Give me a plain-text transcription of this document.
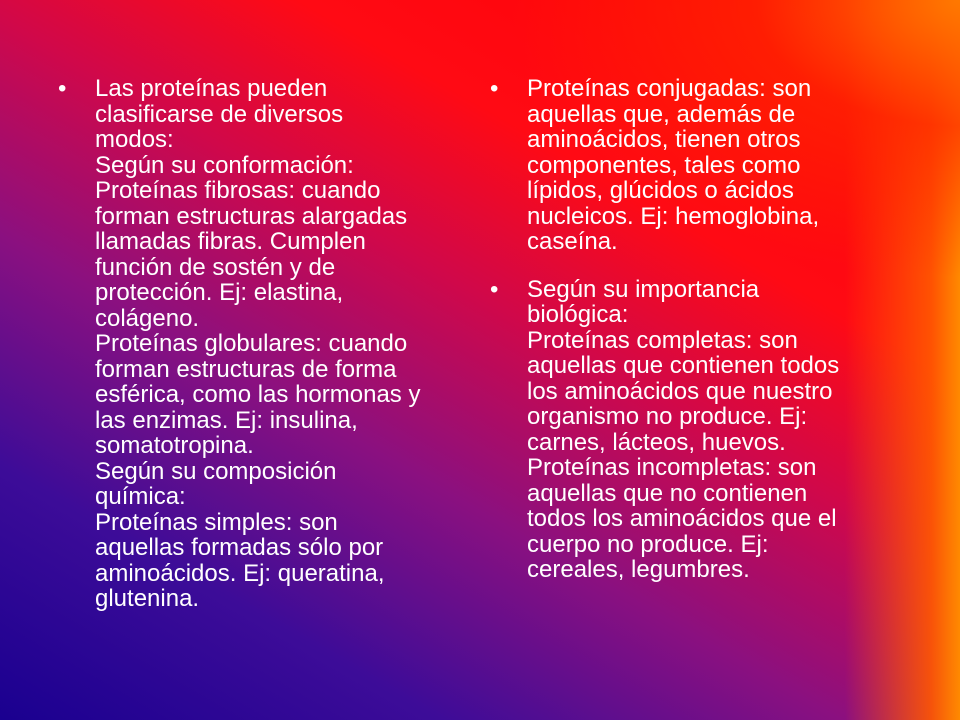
• Las proteínas pueden
clasificarse de diversos
modos:
Según su conformación:
Proteínas fibrosas: cuando
forman estructuras alargadas
llamadas fibras. Cumplen
función de sostén y de
protección. Ej: elastina,
colágeno.
Proteínas globulares: cuando
forman estructuras de forma
esférica, como las hormonas y
las enzimas. Ej: insulina,
somatotropina.
Según su composición
química:
Proteínas simples: son
aquellas formadas sólo por
aminoácidos. Ej: queratina,
glutenina.
• Proteínas conjugadas: son
aquellas que, además de
aminoácidos, tienen otros
componentes, tales como
lípidos, glúcidos o ácidos
nucleicos. Ej: hemoglobina,
caseína.
• Según su importancia
biológica:
Proteínas completas: son
aquellas que contienen todos
los aminoácidos que nuestro
organismo no produce. Ej:
carnes, lácteos, huevos.
Proteínas incompletas: son
aquellas que no contienen
todos los aminoácidos que el
cuerpo no produce. Ej:
cereales, legumbres.
